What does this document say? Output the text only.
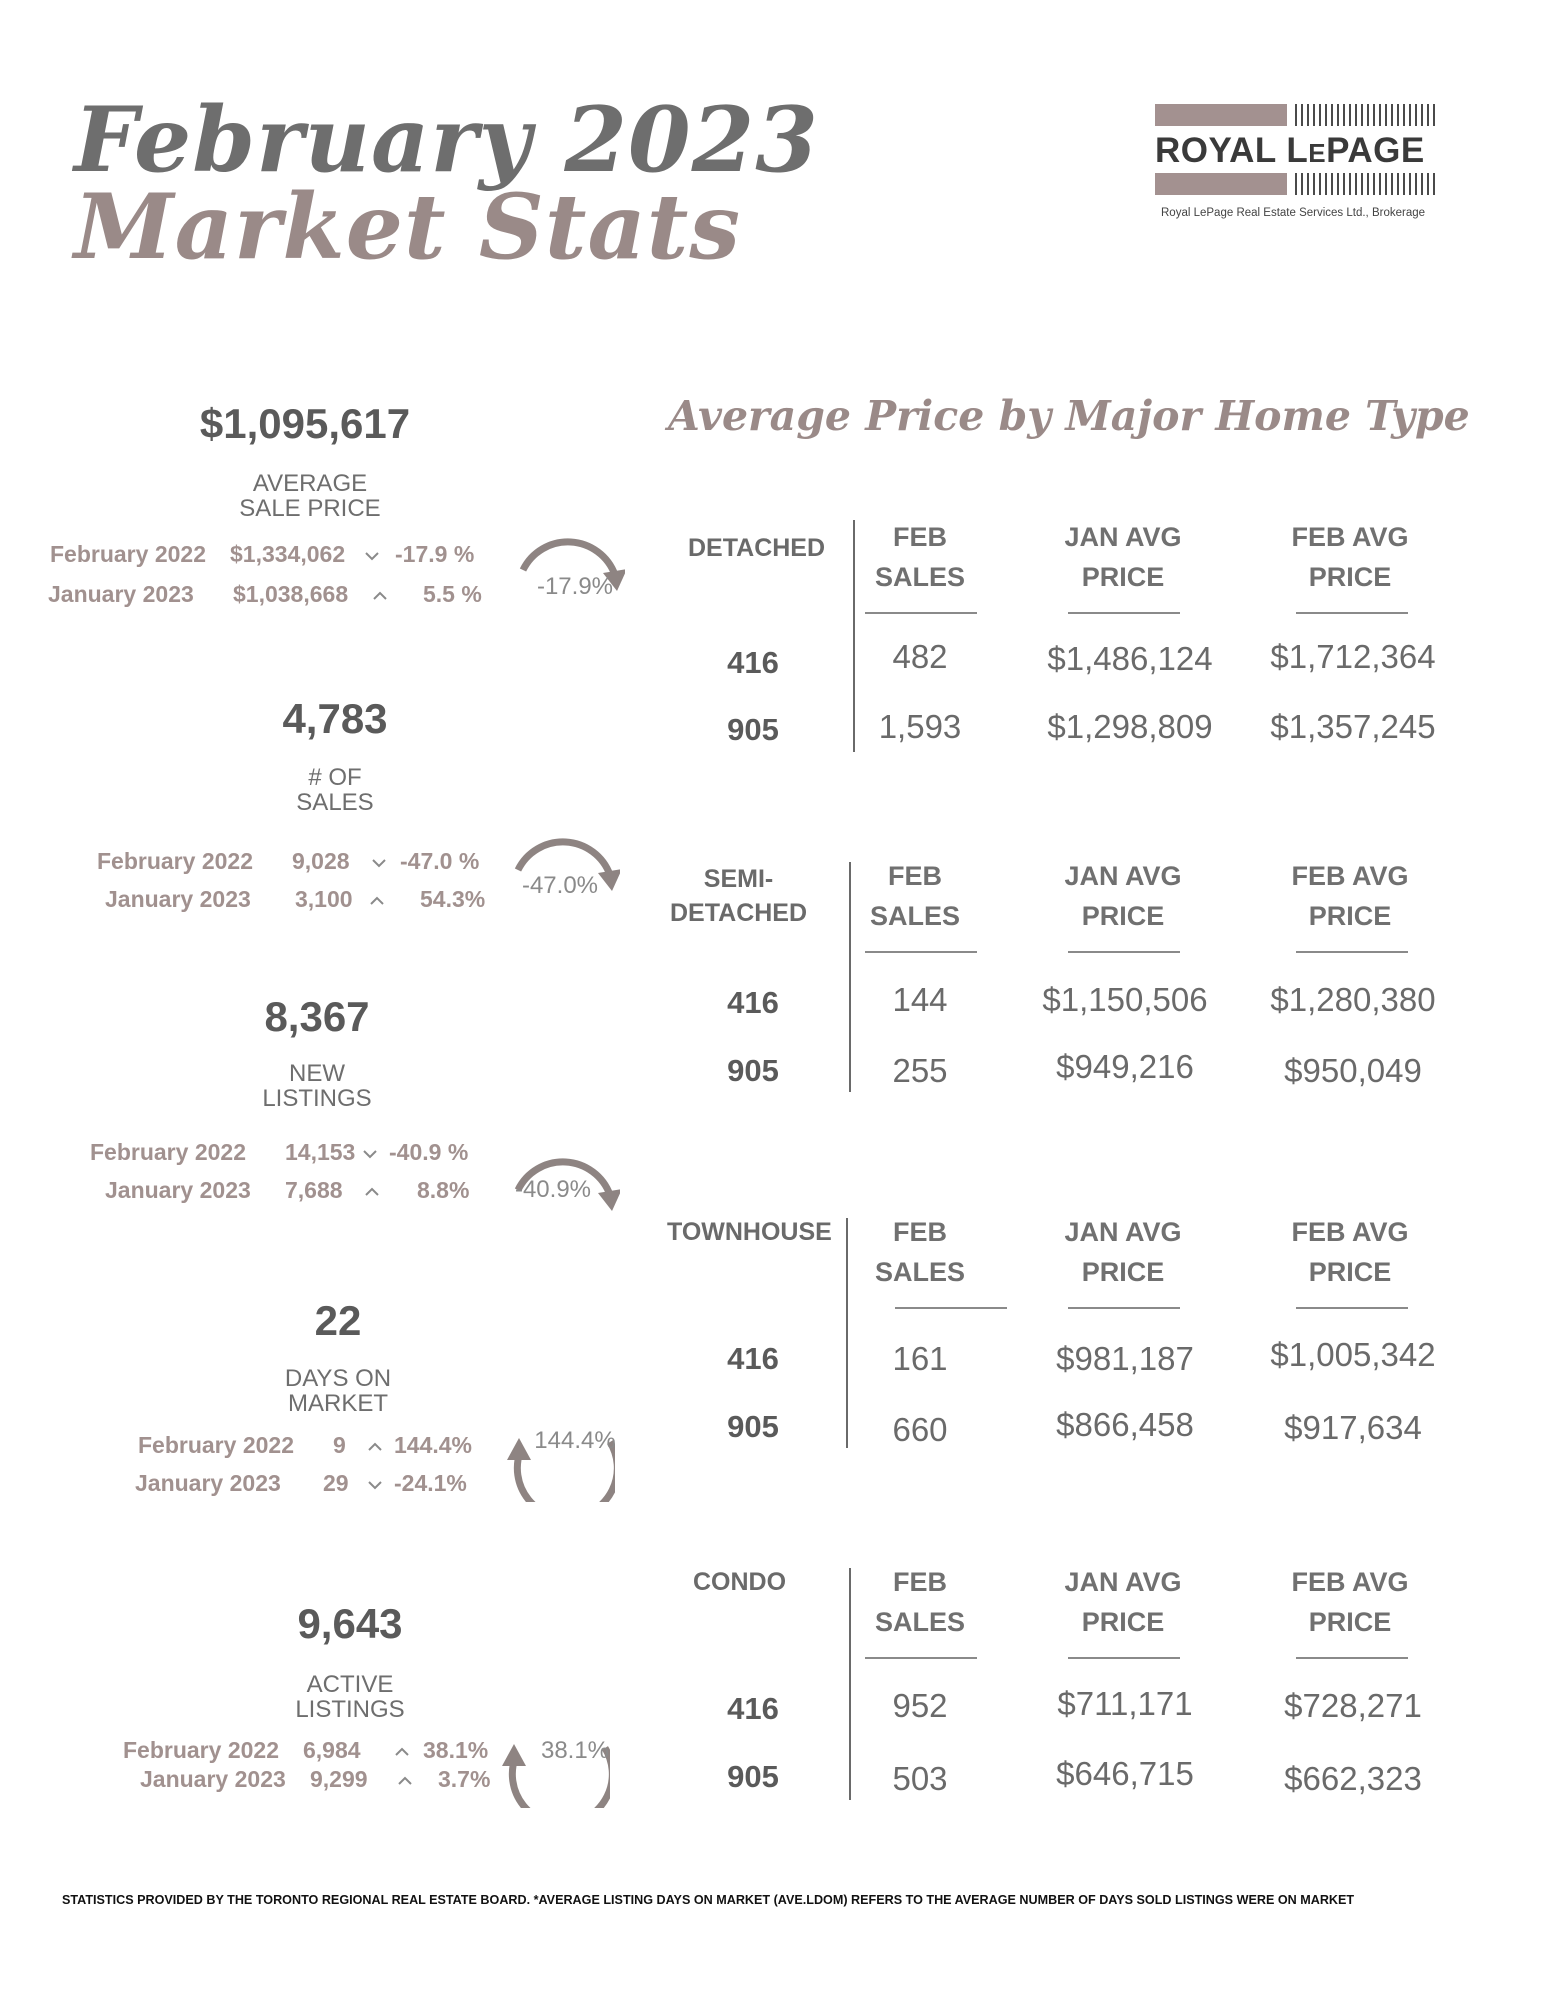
February 2023
Market Stats
ROYAL LEPAGE
Royal LePage Real Estate Services Ltd., Brokerage
$1,095,617
AVERAGE
SALE PRICE
February 2022 $1,334,062 -17.9 %
January 2023 $1,038,668	5.5 %	-17.9%
4,783
# OF
SALES
February 2022 9,028 -47.0 %
January 2023 3,100	54.3%	-47.0%
8,367
NEW
LISTINGS
February 2022 14,153 -40.9 %
January 2023 7,688	8.8%	-40.9%
22
DAYS ON
MARKET
February 2022 9 144.4%
January 2023 29 -24.1%
144.4%
9,643
ACTIVE
LISTINGS
February 2022 6,984	38.1%
January 2023 9,299	3.7%
38.1%
Average Price by Major Home Type
DETACHED	FEB
SALES
JAN AVG
PRICE
FEB AVG
PRICE
416	482	$1,486,124	$1,712,364
905	1,593	$1,298,809	$1,357,245
SEMI-
DETACHED
FEB
SALES
JAN AVG
PRICE
FEB AVG
PRICE
416	144	$1,150,506	$1,280,380
905	255	$949,216	$950,049
TOWNHOUSE	FEB
SALES
JAN AVG
PRICE
FEB AVG
PRICE
416	161	$981,187	$1,005,342
905	660	$866,458	$917,634
CONDO	FEB
SALES
JAN AVG
PRICE
FEB AVG
PRICE
416	952	$711,171	$728,271
905	503	$646,715	$662,323
STATISTICS PROVIDED BY THE TORONTO REGIONAL REAL ESTATE BOARD. *AVERAGE LISTING DAYS ON MARKET (AVE.LDOM) REFERS TO THE AVERAGE NUMBER OF DAYS SOLD LISTINGS WERE ON MARKET
